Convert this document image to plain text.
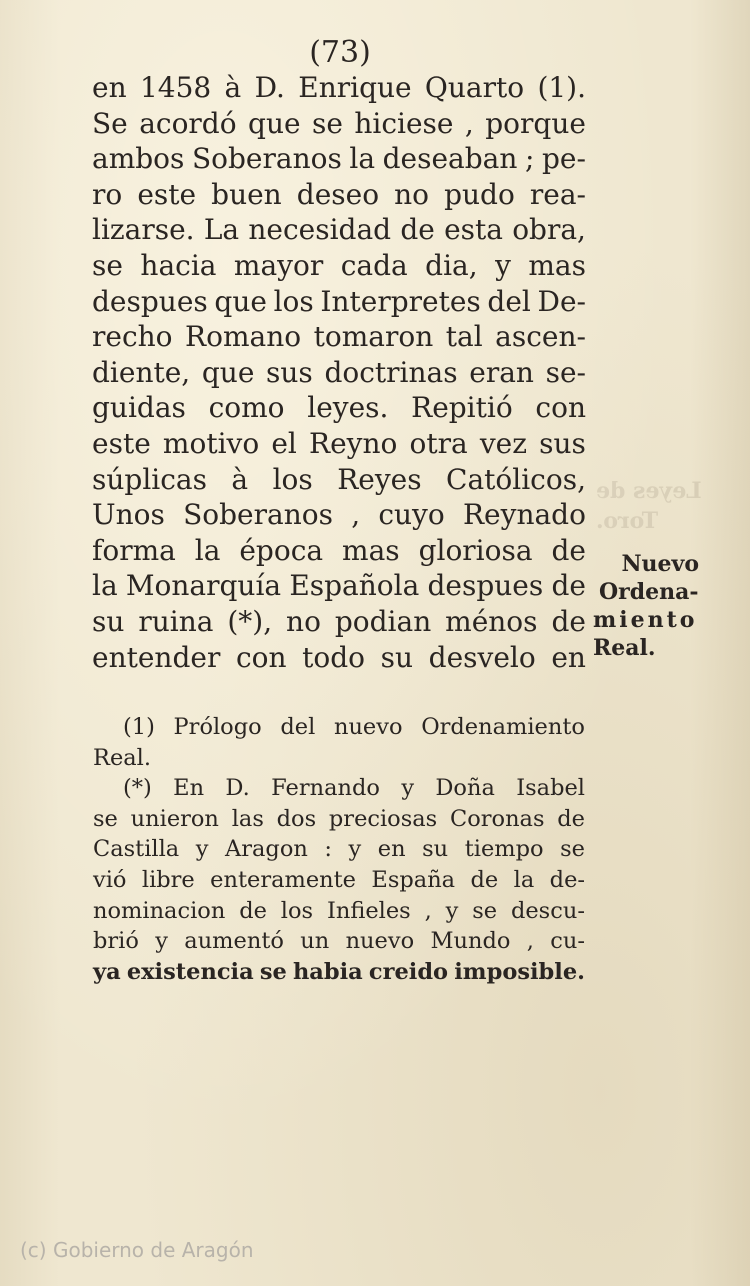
(73)
Leyes de
Toro.
en 1458 à D. Enrique Quarto (1).
Se acordó que se hiciese , porque
ambos Soberanos la deseaban ; pe-
ro este buen deseo no pudo rea-
lizarse. La necesidad de esta obra,
se hacia mayor cada dia, y mas
despues que los Interpretes del De-
recho Romano tomaron tal ascen-
diente, que sus doctrinas eran se-
guidas como leyes. Repitió con
este motivo el Reyno otra vez sus
súplicas à los Reyes Católicos,
Unos Soberanos , cuyo Reynado
forma la época mas gloriosa de
la Monarquía Española despues de
su ruina (*), no podian ménos de
entender con todo su desvelo en
Nuevo
Ordena-
miento
Real.
(1) Prólogo del nuevo Ordenamiento
Real.
(*) En D. Fernando y Doña Isabel
se unieron las dos preciosas Coronas de
Castilla y Aragon : y en su tiempo se
vió libre enteramente España de la de-
nominacion de los Infieles , y se descu-
brió y aumentó un nuevo Mundo , cu-
ya existencia se habia creido imposible.
(c) Gobierno de Aragón
